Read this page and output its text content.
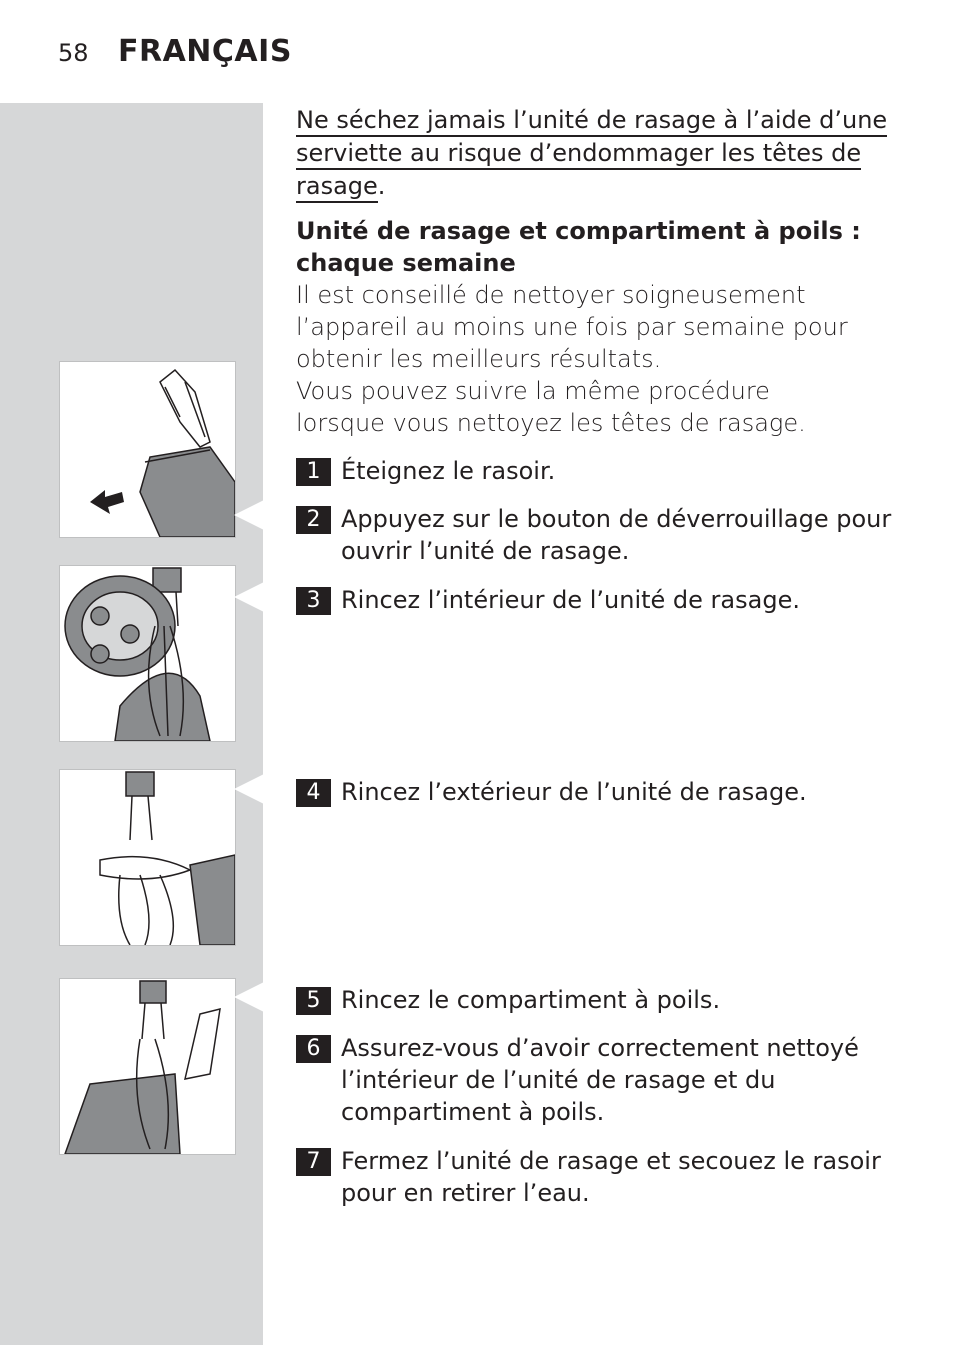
58 FRANÇAIS
Ne séchez jamais l’unité de rasage à l’aide d’une
serviette au risque d’endommager les têtes de
rasage.
Unité de rasage et compartiment à poils :
chaque semaine

Il est conseillé de nettoyer soigneusement l’appareil au moins une fois par semaine pour obtenir les meilleurs résultats.

Vous pouvez suivre la même procédure lorsque vous nettoyez les têtes de rasage.

1 Éteignez le rasoir.
2 Appuyez sur le bouton de déverrouillage pour ouvrir l’unité de rasage.
3 Rincez l’intérieur de l’unité de rasage.
4 Rincez l’extérieur de l’unité de rasage.
5 Rincez le compartiment à poils.
6 Assurez-vous d’avoir correctement nettoyé l’intérieur de l’unité de rasage et du compartiment à poils.
7 Fermez l’unité de rasage et secouez le rasoir pour en retirer l’eau.
